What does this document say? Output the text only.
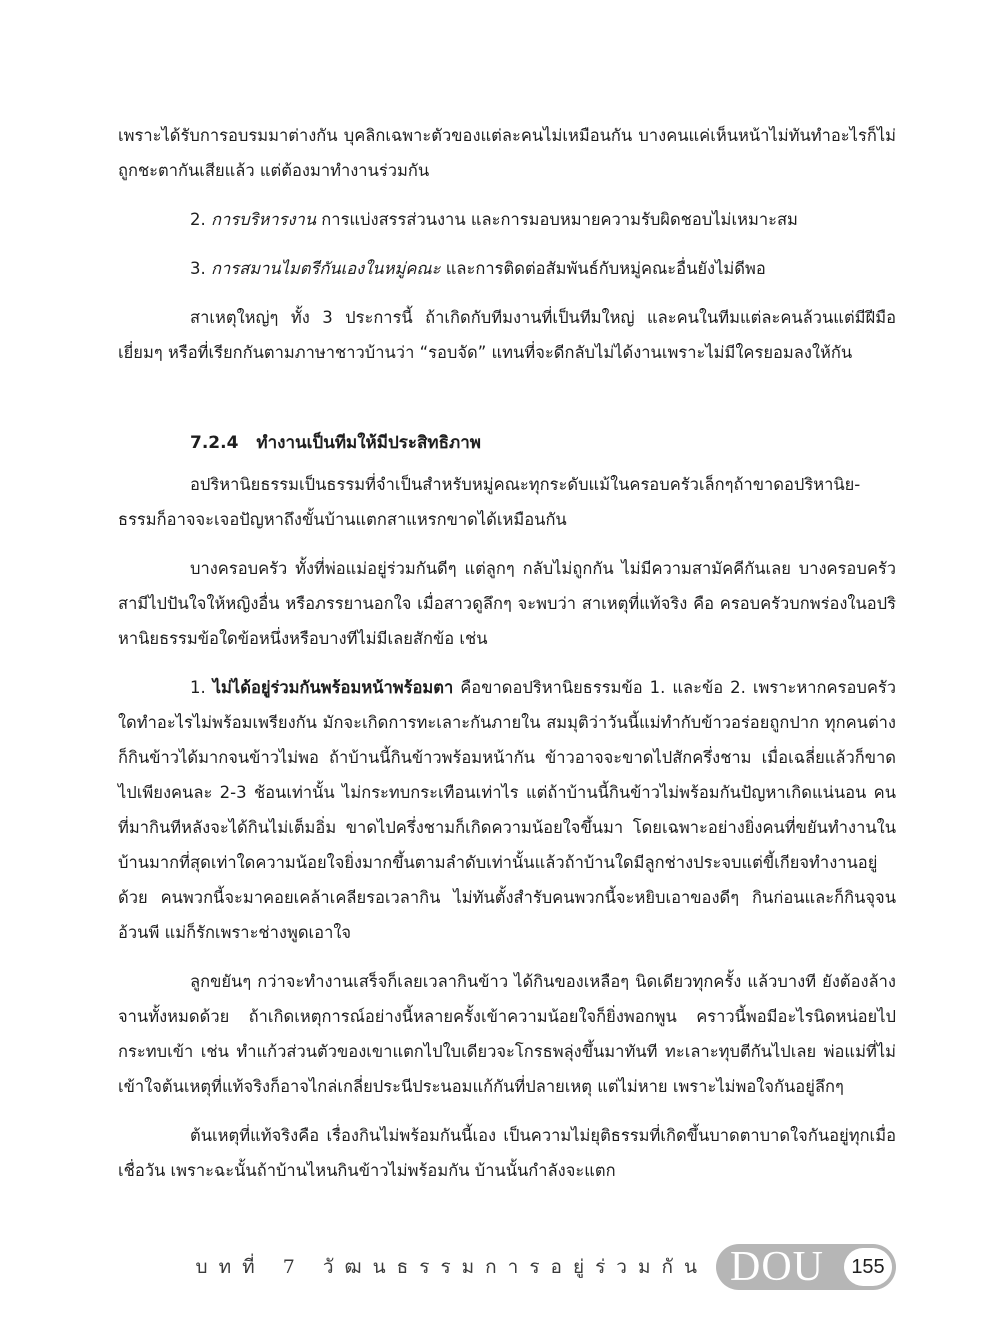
เพราะได้รับการอบรมมาต่างกัน บุคลิกเฉพาะตัวของแต่ละคนไม่เหมือนกัน บางคนแค่เห็นหน้าไม่ทันทำอะไรก็ไม่ถูกชะตากันเสียแล้ว แต่ต้องมาทำงานร่วมกัน

2. การบริหารงาน การแบ่งสรรส่วนงาน และการมอบหมายความรับผิดชอบไม่เหมาะสม

3. การสมานไมตรีกันเองในหมู่คณะ และการติดต่อสัมพันธ์กับหมู่คณะอื่นยังไม่ดีพอ

สาเหตุใหญ่ๆ ทั้ง 3 ประการนี้ ถ้าเกิดกับทีมงานที่เป็นทีมใหญ่ และคนในทีมแต่ละคนล้วนแต่มีฝีมือเยี่ยมๆ หรือที่เรียกกันตามภาษาชาวบ้านว่า “รอบจัด” แทนที่จะดีกลับไม่ได้งานเพราะไม่มีใครยอมลงให้กัน

7.2.4 ทำงานเป็นทีมให้มีประสิทธิภาพ

อปริหานิยธรรมเป็นธรรมที่จำเป็นสำหรับหมู่คณะทุกระดับแม้ในครอบครัวเล็กๆถ้าขาดอปริหานิย-ธรรมก็อาจจะเจอปัญหาถึงขั้นบ้านแตกสาแหรกขาดได้เหมือนกัน

บางครอบครัว ทั้งที่พ่อแม่อยู่ร่วมกันดีๆ แต่ลูกๆ กลับไม่ถูกกัน ไม่มีความสามัคคีกันเลย บางครอบครัวสามีไปปันใจให้หญิงอื่น หรือภรรยานอกใจ เมื่อสาวดูลึกๆ จะพบว่า สาเหตุที่แท้จริง คือ ครอบครัวบกพร่องในอปริหานิยธรรมข้อใดข้อหนึ่งหรือบางทีไม่มีเลยสักข้อ เช่น

1. ไม่ได้อยู่ร่วมกันพร้อมหน้าพร้อมตา คือขาดอปริหานิยธรรมข้อ 1. และข้อ 2. เพราะหากครอบครัวใดทำอะไรไม่พร้อมเพรียงกัน มักจะเกิดการทะเลาะกันภายใน สมมุติว่าวันนี้แม่ทำกับข้าวอร่อยถูกปาก ทุกคนต่างก็กินข้าวได้มากจนข้าวไม่พอ ถ้าบ้านนี้กินข้าวพร้อมหน้ากัน ข้าวอาจจะขาดไปสักครึ่งชาม เมื่อเฉลี่ยแล้วก็ขาดไปเพียงคนละ 2-3 ช้อนเท่านั้น ไม่กระทบกระเทือนเท่าไร แต่ถ้าบ้านนี้กินข้าวไม่พร้อมกันปัญหาเกิดแน่นอน คนที่มากินทีหลังจะได้กินไม่เต็มอิ่ม ขาดไปครึ่งชามก็เกิดความน้อยใจขึ้นมา โดยเฉพาะอย่างยิ่งคนที่ขยันทำงานในบ้านมากที่สุดเท่าใดความน้อยใจยิ่งมากขึ้นตามลำดับเท่านั้นแล้วถ้าบ้านใดมีลูกช่างประจบแต่ขี้เกียจทำงานอยู่ด้วย คนพวกนี้จะมาคอยเคล้าเคลียรอเวลากิน ไม่ทันตั้งสำรับคนพวกนี้จะหยิบเอาของดีๆ กินก่อนและก็กินจุจนอ้วนพี แม่ก็รักเพราะช่างพูดเอาใจ

ลูกขยันๆ กว่าจะทำงานเสร็จก็เลยเวลากินข้าว ได้กินของเหลือๆ นิดเดียวทุกครั้ง แล้วบางที ยังต้องล้างจานทั้งหมดด้วย ถ้าเกิดเหตุการณ์อย่างนี้หลายครั้งเข้าความน้อยใจก็ยิ่งพอกพูน คราวนี้พอมีอะไรนิดหน่อยไปกระทบเข้า เช่น ทำแก้วส่วนตัวของเขาแตกไปใบเดียวจะโกรธพลุ่งขึ้นมาทันที ทะเลาะทุบตีกันไปเลย พ่อแม่ที่ไม่เข้าใจต้นเหตุที่แท้จริงก็อาจไกล่เกลี่ยประนีประนอมแก้กันที่ปลายเหตุ แต่ไม่หาย เพราะไม่พอใจกันอยู่ลึกๆ

ต้นเหตุที่แท้จริงคือ เรื่องกินไม่พร้อมกันนี้เอง เป็นความไม่ยุติธรรมที่เกิดขึ้นบาดตาบาดใจกันอยู่ทุกเมื่อเชื่อวัน เพราะฉะนั้นถ้าบ้านไหนกินข้าวไม่พร้อมกัน บ้านนั้นกำลังจะแตก

บทที่ 7 วัฒนธรรมการอยู่ร่วมกัน DOU	155
